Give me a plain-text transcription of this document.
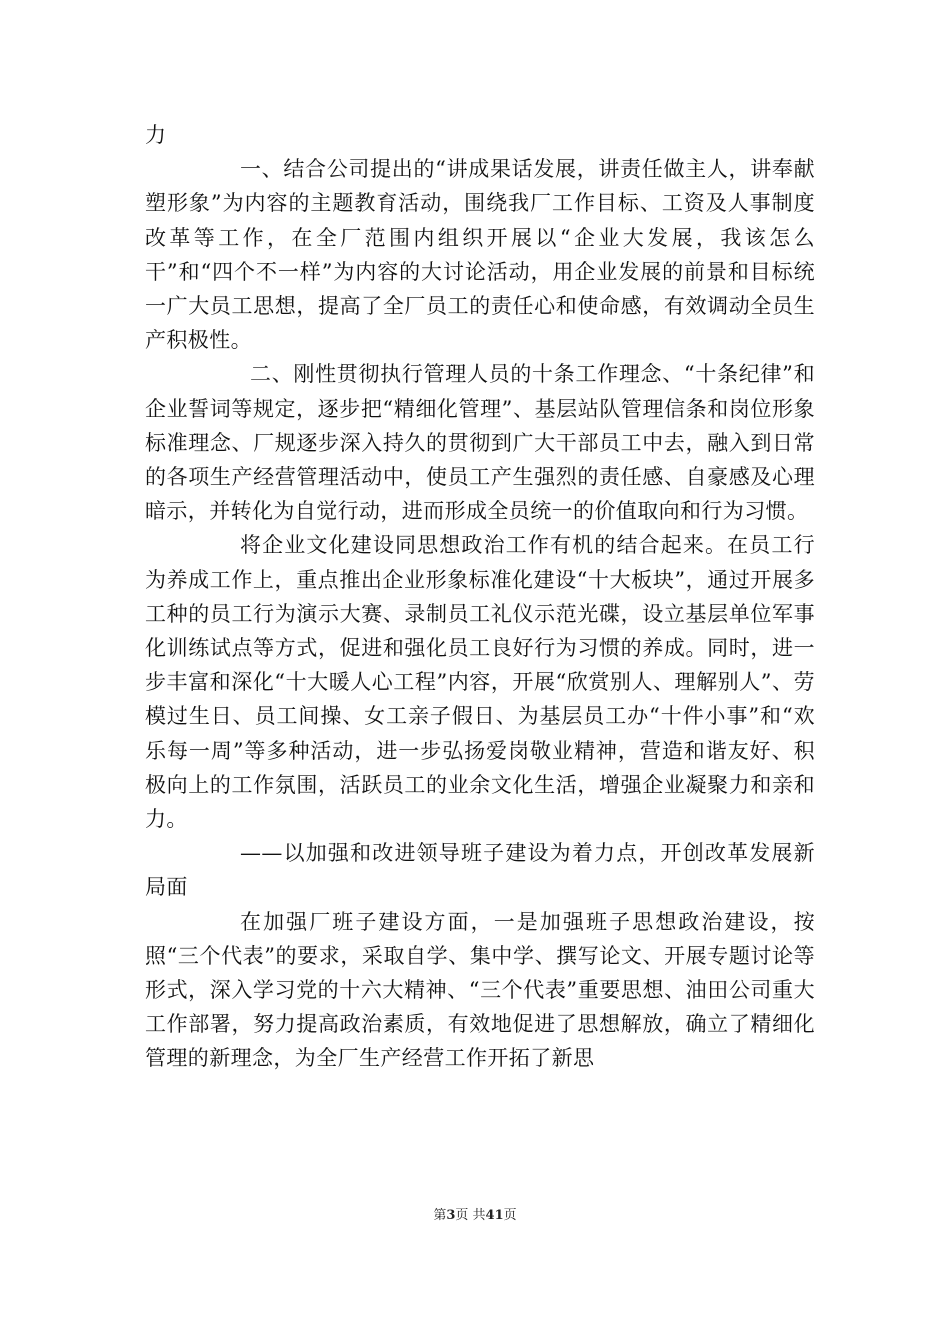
力

一、结合公司提出的“讲成果话发展，讲责任做主人，讲奉献塑形象”为内容的主题教育活动，围绕我厂工作目标、工资及人事制度改革等工作，在全厂范围内组织开展以“企业大发展，我该怎么干”和“四个不一样”为内容的大讨论活动，用企业发展的前景和目标统一广大员工思想，提高了全厂员工的责任心和使命感，有效调动全员生产积极性。

二、刚性贯彻执行管理人员的十条工作理念、“十条纪律”和企业誓词等规定，逐步把“精细化管理”、基层站队管理信条和岗位形象标准理念、厂规逐步深入持久的贯彻到广大干部员工中去，融入到日常的各项生产经营管理活动中，使员工产生强烈的责任感、自豪感及心理暗示，并转化为自觉行动，进而形成全员统一的价值取向和行为习惯。

将企业文化建设同思想政治工作有机的结合起来。在员工行为养成工作上，重点推出企业形象标准化建设“十大板块”，通过开展多工种的员工行为演示大赛、录制员工礼仪示范光碟，设立基层单位军事化训练试点等方式，促进和强化员工良好行为习惯的养成。同时，进一步丰富和深化“十大暖人心工程”内容，开展“欣赏别人、理解别人”、劳模过生日、员工间操、女工亲子假日、为基层员工办“十件小事”和“欢乐每一周”等多种活动，进一步弘扬爱岗敬业精神，营造和谐友好、积极向上的工作氛围，活跃员工的业余文化生活，增强企业凝聚力和亲和力。

——以加强和改进领导班子建设为着力点，开创改革发展新局面

在加强厂班子建设方面，一是加强班子思想政治建设，按照“三个代表”的要求，采取自学、集中学、撰写论文、开展专题讨论等形式，深入学习党的十六大精神、“三个代表”重要思想、油田公司重大工作部署，努力提高政治素质，有效地促进了思想解放，确立了精细化管理的新理念，为全厂生产经营工作开拓了新思

第3页 共41页
